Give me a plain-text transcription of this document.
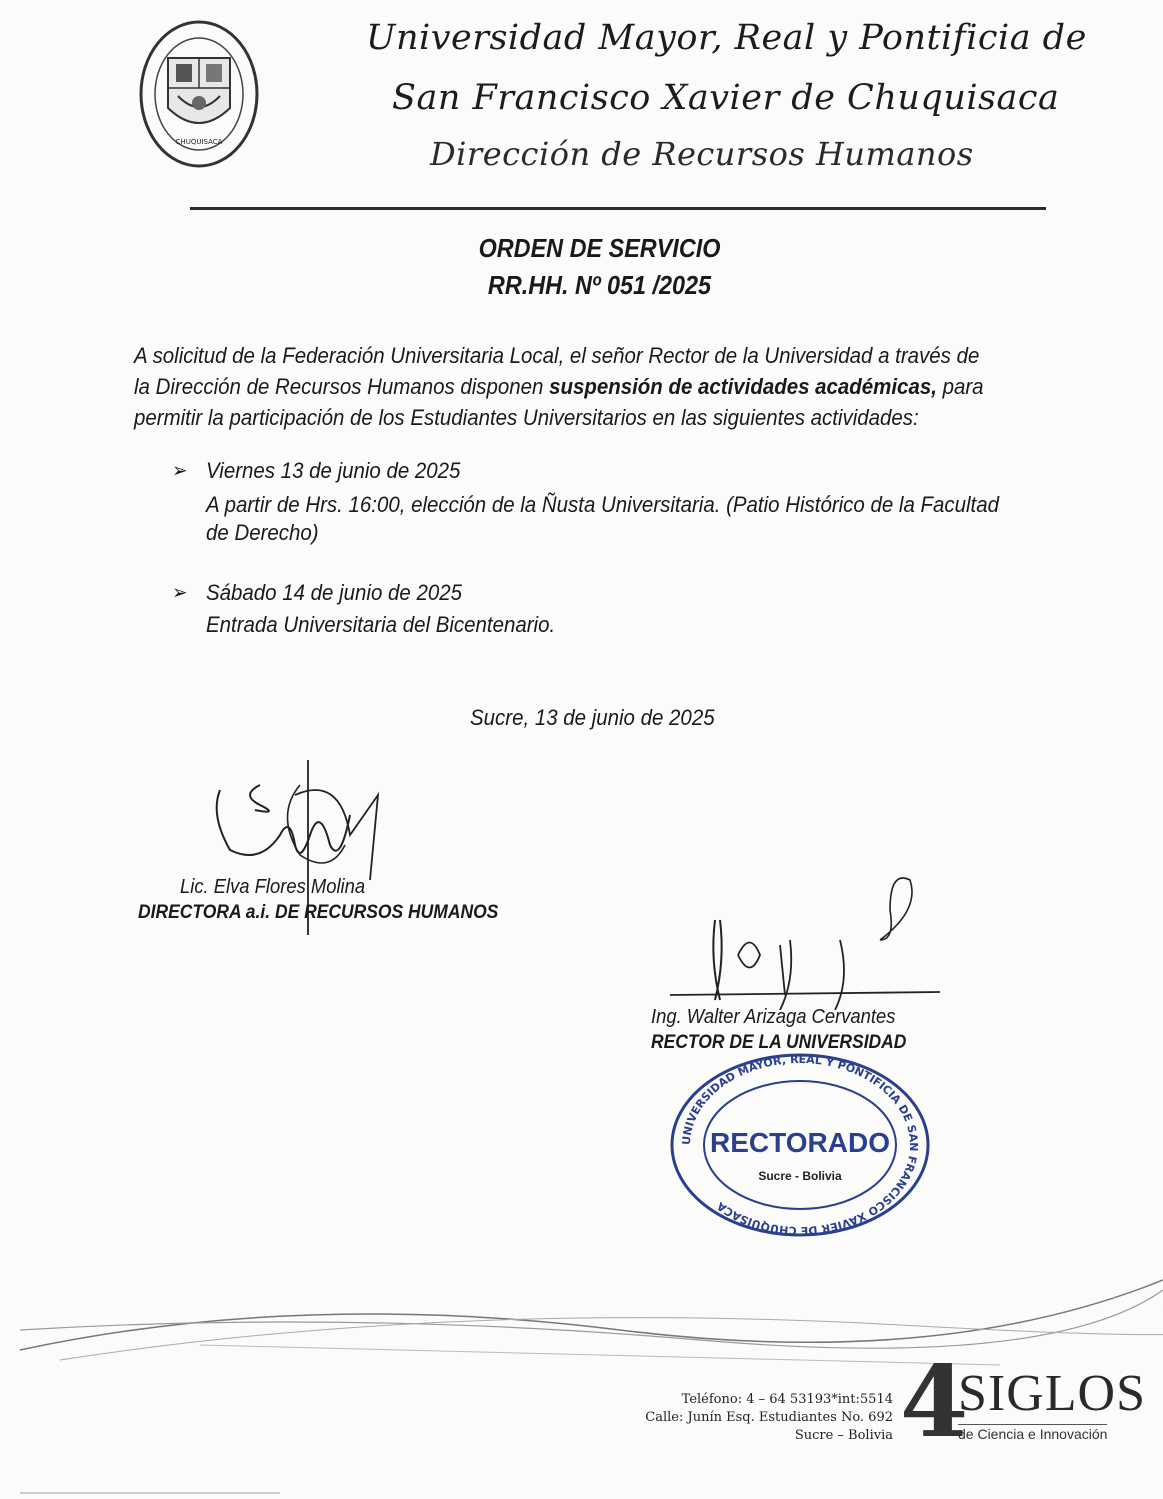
CHUQUISACA
Universidad Mayor, Real y Pontificia de
San Francisco Xavier de Chuquisaca
Dirección de Recursos Humanos
ORDEN DE SERVICIO
RR.HH. Nº 051 /2025
A solicitud de la Federación Universitaria Local, el señor Rector de la Universidad a través de
la Dirección de Recursos Humanos disponen suspensión de actividades académicas, para
permitir la participación de los Estudiantes Universitarios en las siguientes actividades:
➢ Viernes 13 de junio de 2025
A partir de Hrs. 16:00, elección de la Ñusta Universitaria. (Patio Histórico de la Facultad
de Derecho)
➢ Sábado 14 de junio de 2025
Entrada Universitaria del Bicentenario.
Sucre, 13 de junio de 2025
Lic. Elva Flores Molina
DIRECTORA a.i. DE RECURSOS HUMANOS
Ing. Walter Arizaga Cervantes
RECTOR DE LA UNIVERSIDAD
UNIVERSIDAD MAYOR, REAL Y PONTIFICIA DE SAN FRANCISCO XAVIER DE CHUQUISACA
RECTORADO
Sucre - Bolivia
Teléfono: 4 – 64 53193*int:5514
Calle: Junín Esq. Estudiantes No. 692
Sucre – Bolivia 4
SIGLOS
de Ciencia e Innovación
